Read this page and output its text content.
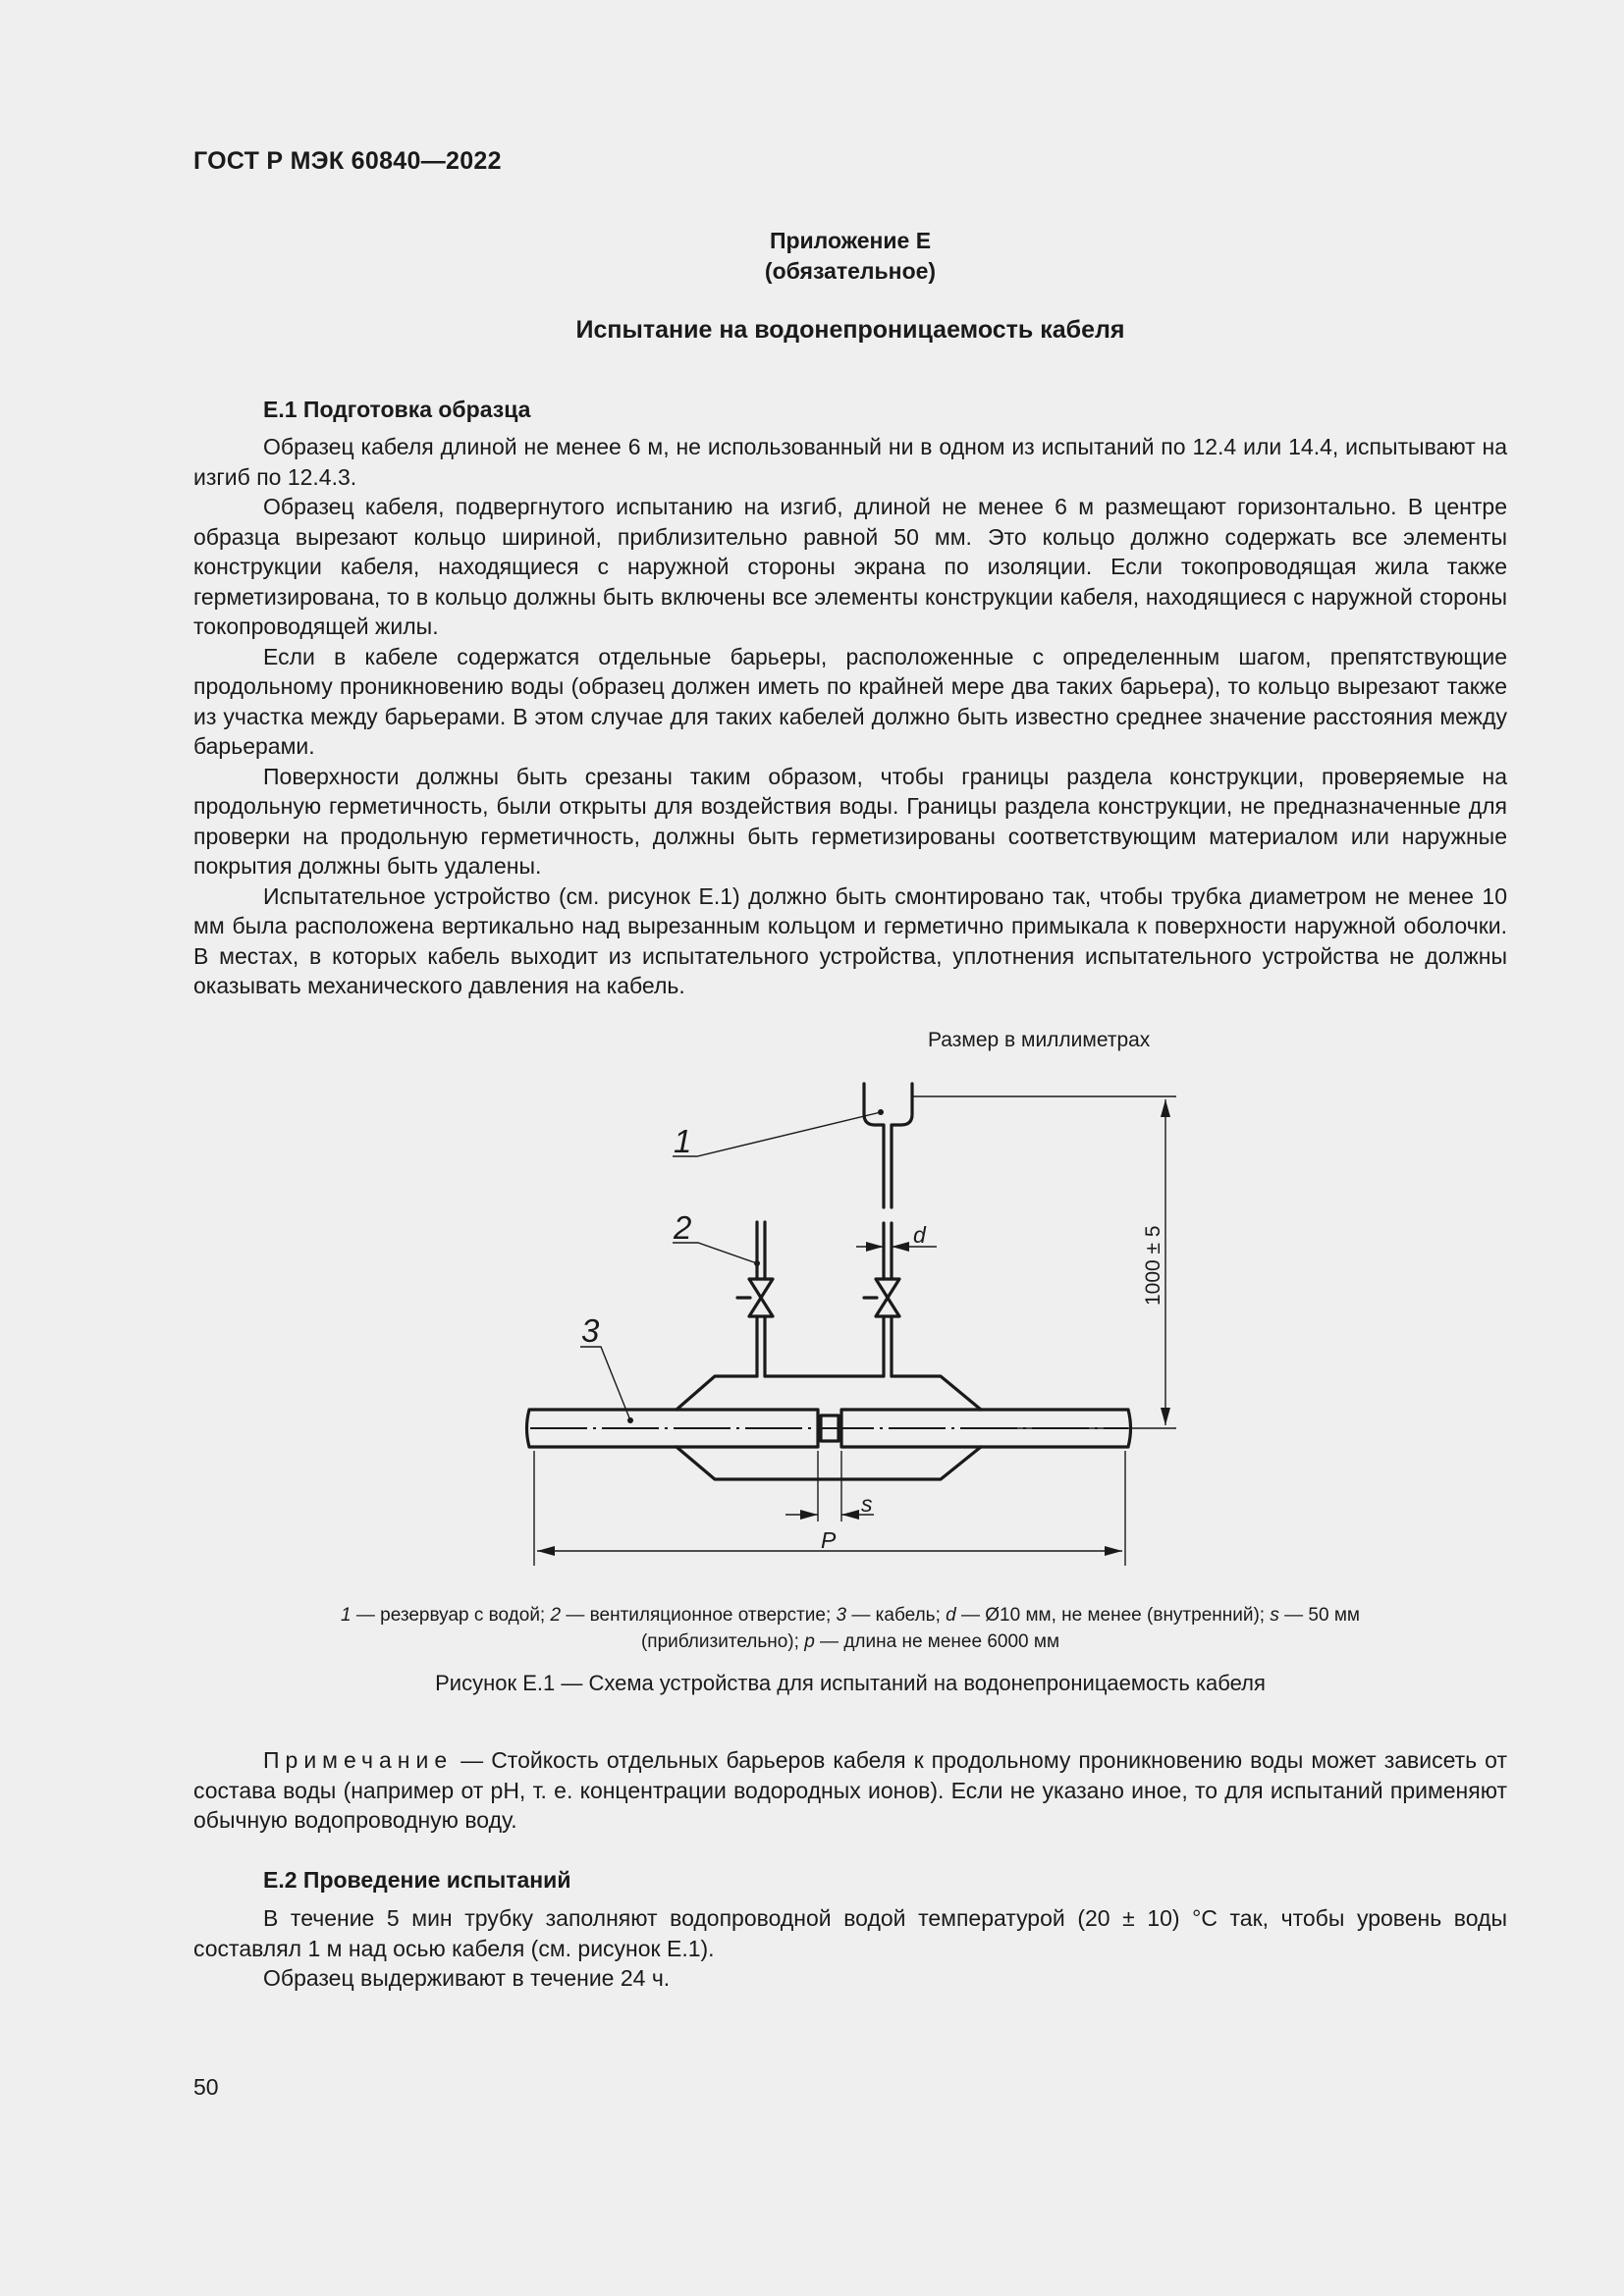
ГОСТ Р МЭК 60840—2022
Приложение Е
(обязательное)
Испытание на водонепроницаемость кабеля
Е.1 Подготовка образца

Образец кабеля длиной не менее 6 м, не использованный ни в одном из испытаний по 12.4 или 14.4, испытывают на изгиб по 12.4.3.

Образец кабеля, подвергнутого испытанию на изгиб, длиной не менее 6 м размещают горизонтально. В центре образца вырезают кольцо шириной, приблизительно равной 50 мм. Это кольцо должно содержать все элементы конструкции кабеля, находящиеся с наружной стороны экрана по изоляции. Если токопроводящая жила также герметизирована, то в кольцо должны быть включены все элементы конструкции кабеля, находящиеся с наружной стороны токопроводящей жилы.

Если в кабеле содержатся отдельные барьеры, расположенные с определенным шагом, препятствующие продольному проникновению воды (образец должен иметь по крайней мере два таких барьера), то кольцо вырезают также из участка между барьерами. В этом случае для таких кабелей должно быть известно среднее значение расстояния между барьерами.

Поверхности должны быть срезаны таким образом, чтобы границы раздела конструкции, проверяемые на продольную герметичность, были открыты для воздействия воды. Границы раздела конструкции, не предназначенные для проверки на продольную герметичность, должны быть герметизированы соответствующим материалом или наружные покрытия должны быть удалены.

Испытательное устройство (см. рисунок Е.1) должно быть смонтировано так, чтобы трубка диаметром не менее 10 мм была расположена вертикально над вырезанным кольцом и герметично примыкала к поверхности наружной оболочки. В местах, в которых кабель выходит из испытательного устройства, уплотнения испытательного устройства не должны оказывать механического давления на кабель.

Размер в миллиметрах
1
2
3
d
s
P
1000 ± 5
1 — резервуар с водой; 2 — вентиляционное отверстие; 3 — кабель; d — Ø10 мм, не менее (внутренний); s — 50 мм
(приблизительно); p — длина не менее 6000 мм
Рисунок Е.1 — Схема устройства для испытаний на водонепроницаемость кабеля

Примечание — Стойкость отдельных барьеров кабеля к продольному проникновению воды может зависеть от состава воды (например от pH, т. е. концентрации водородных ионов). Если не указано иное, то для испытаний применяют обычную водопроводную воду.

Е.2 Проведение испытаний

В течение 5 мин трубку заполняют водопроводной водой температурой (20 ± 10) °С так, чтобы уровень воды составлял 1 м над осью кабеля (см. рисунок Е.1).

Образец выдерживают в течение 24 ч.

50
